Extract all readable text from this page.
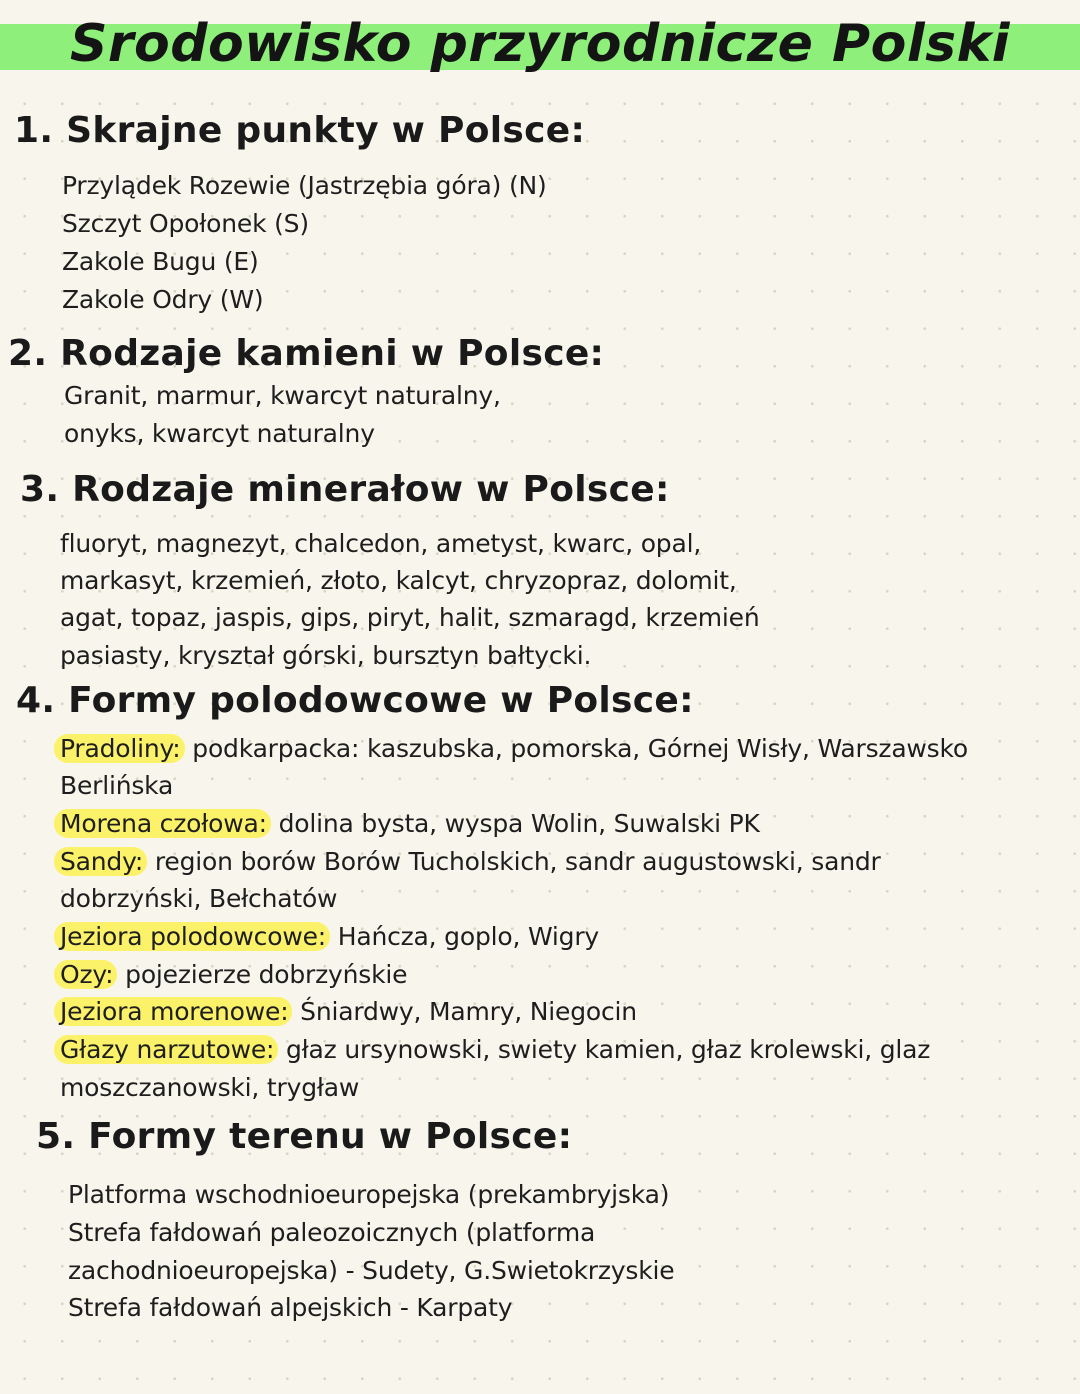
Srodowisko przyrodnicze Polski
1. Skrajne punkty w Polsce:

Przylądek Rozewie (Jastrzębia góra) (N)

Szczyt Opołonek (S)

Zakole Bugu (E)

Zakole Odry (W)

2. Rodzaje kamieni w Polsce:

Granit, marmur, kwarcyt naturalny,

onyks, kwarcyt naturalny

3. Rodzaje minerałow w Polsce:

fluoryt, magnezyt, chalcedon, ametyst, kwarc, opal,

markasyt, krzemień, złoto, kalcyt, chryzopraz, dolomit,

agat, topaz, jaspis, gips, piryt, halit, szmaragd, krzemień

pasiasty, kryształ górski, bursztyn bałtycki.

4. Formy polodowcowe w Polsce:

Pradoliny: podkarpacka: kaszubska, pomorska, Górnej Wisły, Warszawsko

Berlińska

Morena czołowa: dolina bysta, wyspa Wolin, Suwalski PK

Sandy: region borów Borów Tucholskich, sandr augustowski, sandr

dobrzyński, Bełchatów

Jeziora polodowcowe: Hańcza, goplo, Wigry

Ozy: pojezierze dobrzyńskie

Jeziora morenowe: Śniardwy, Mamry, Niegocin

Głazy narzutowe: głaz ursynowski, swiety kamien, głaz krolewski, glaz

moszczanowski, trygław

5. Formy terenu w Polsce:

Platforma wschodnioeuropejska (prekambryjska)

Strefa fałdowań paleozoicznych (platforma

zachodnioeuropejska) - Sudety, G.Swietokrzyskie

Strefa fałdowań alpejskich - Karpaty
